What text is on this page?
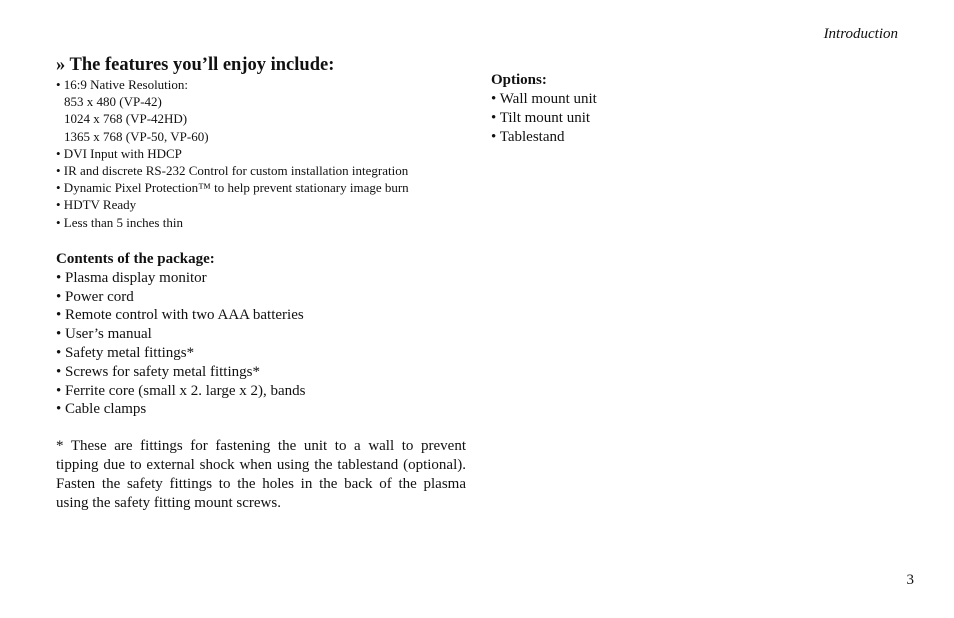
Introduction
» The features you’ll enjoy include:
• 16:9 Native Resolution:
853 x 480 (VP-42)
1024 x 768 (VP-42HD)
1365 x 768 (VP-50, VP-60)
• DVI Input with HDCP
• IR and discrete RS-232 Control for custom installation integration
• Dynamic Pixel Protection™ to help prevent stationary image burn
• HDTV Ready
• Less than 5 inches thin
Contents of the package:
• Plasma display monitor
• Power cord
• Remote control with two AAA batteries
• User’s manual
• Safety metal fittings*
• Screws for safety metal fittings*
• Ferrite core (small x 2. large x 2), bands
• Cable clamps

* These are fittings for fastening the unit to a wall to prevent tipping due to external shock when using the tablestand (optional). Fasten the safety fittings to the holes in the back of the plasma using the safety fitting mount screws.

Options:
• Wall mount unit
• Tilt mount unit
• Tablestand
3
